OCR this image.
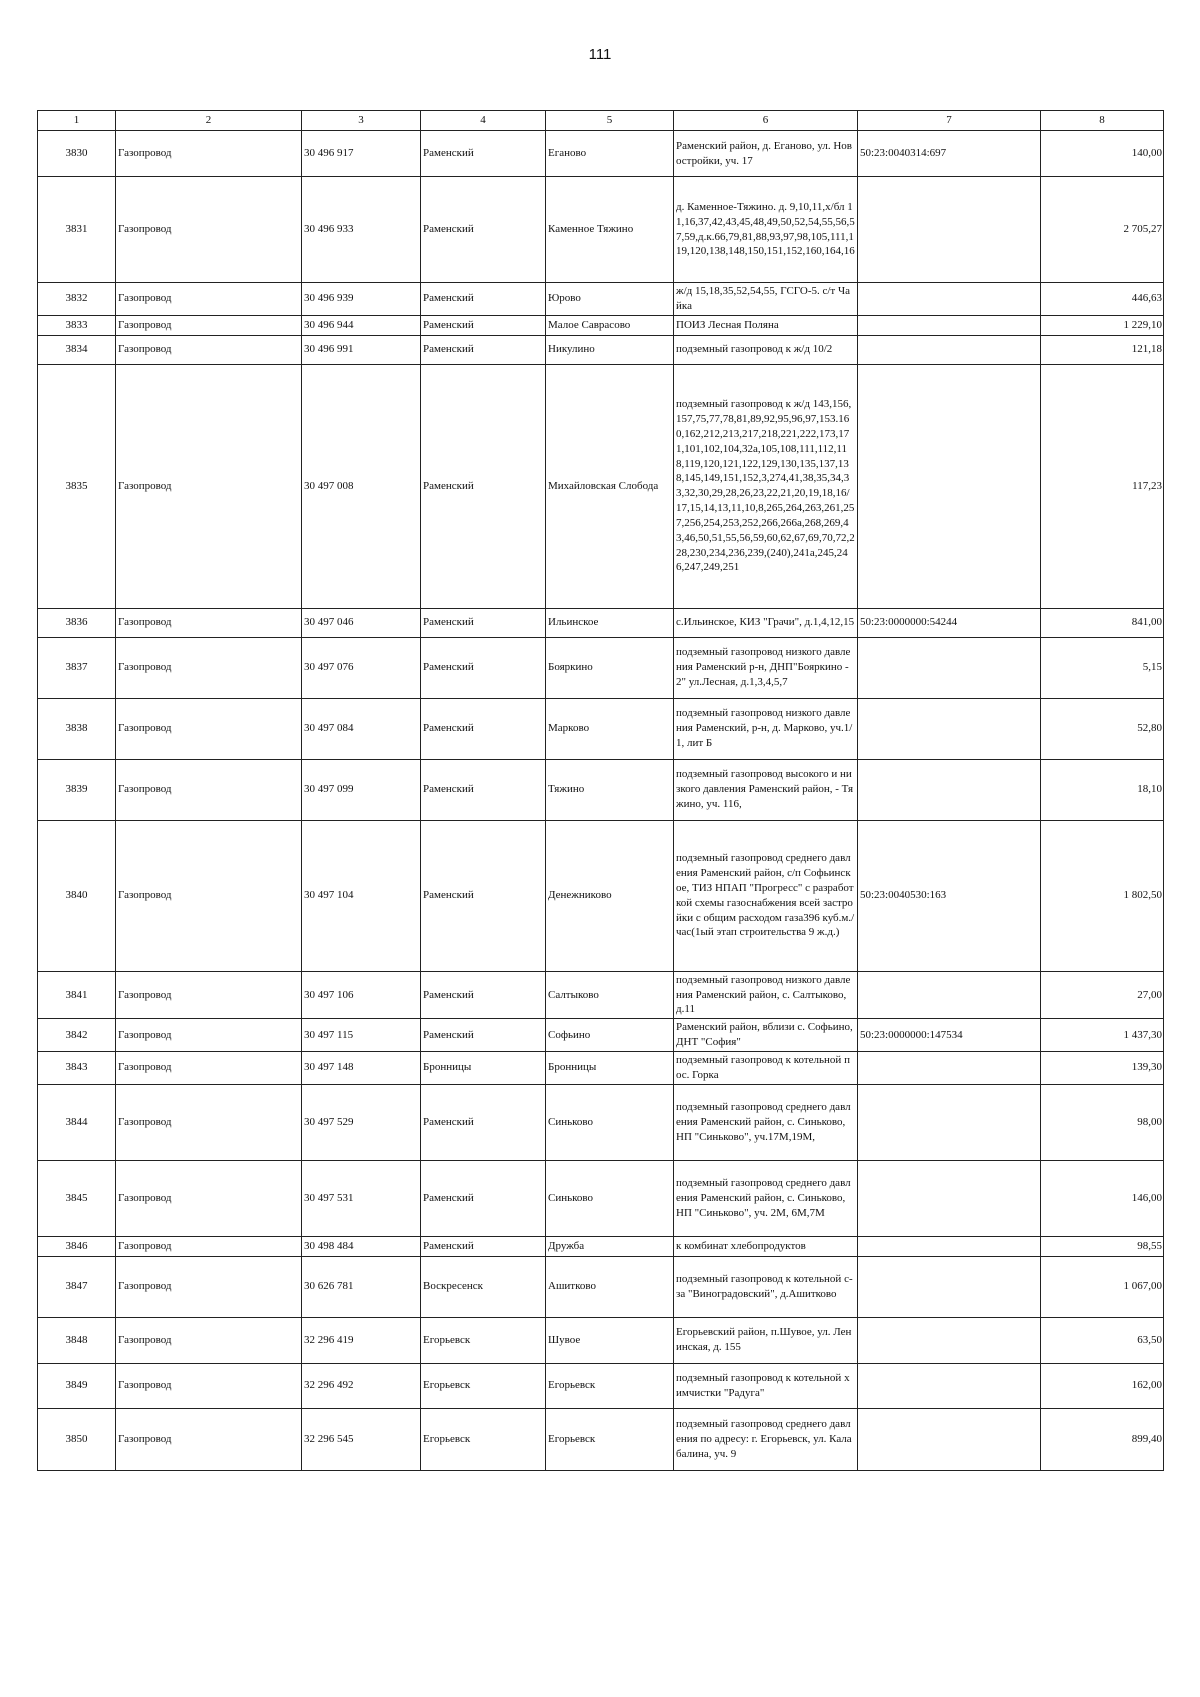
111
1	2	3	4	5	6	7	8
3830	Газопровод	30 496 917	Раменский	Еганово	Раменский район, д. Еганово, ул. Новостройки, уч. 17	50:23:0040314:697	140,00
3831	Газопровод	30 496 933	Раменский	Каменное Тяжино	д. Каменное-Тяжино. д. 9,10,11,х/бл 11,16,37,42,43,45,48,49,50,52,54,55,56,57,59,д.к.66,79,81,88,93,97,98,105,111,119,120,138,148,150,151,152,160,164,16		2 705,27
3832	Газопровод	30 496 939	Раменский	Юрово	ж/д 15,18,35,52,54,55, ГСГО-5. с/т Чайка		446,63
3833	Газопровод	30 496 944	Раменский	Малое Саврасово	ПОИЗ Лесная Поляна		1 229,10
3834	Газопровод	30 496 991	Раменский	Никулино	подземный газопровод к ж/д 10/2		121,18
3835	Газопровод	30 497 008	Раменский	Михайловская Слобода	подземный газопровод к ж/д 143,156,157,75,77,78,81,89,92,95,96,97,153.160,162,212,213,217,218,221,222,173,171,101,102,104,32а,105,108,111,112,118,119,120,121,122,129,130,135,137,138,145,149,151,152,3,274,41,38,35,34,33,32,30,29,28,26,23,22,21,20,19,18,16/17,15,14,13,11,10,8,265,264,263,261,257,256,254,253,252,266,266а,268,269,43,46,50,51,55,56,59,60,62,67,69,70,72,228,230,234,236,239,(240),241а,245,246,247,249,251		117,23
3836	Газопровод	30 497 046	Раменский	Ильинское	с.Ильинское, КИЗ "Грачи", д.1,4,12,15	50:23:0000000:54244	841,00
3837	Газопровод	30 497 076	Раменский	Бояркино	подземный газопровод низкого давления Раменский р-н, ДНП"Бояркино -2" ул.Лесная, д.1,3,4,5,7		5,15
3838	Газопровод	30 497 084	Раменский	Марково	подземный газопровод низкого давления Раменский, р-н, д. Марково, уч.1/1, лит Б		52,80
3839	Газопровод	30 497 099	Раменский	Тяжино	подземный газопровод высокого и низкого давления Раменский район, - Тяжино, уч. 116,		18,10
3840	Газопровод	30 497 104	Раменский	Денежниково	подземный газопровод среднего давления Раменский район, с/п Софьинское, ТИЗ НПАП "Прогресс" с разработкой схемы газоснабжения всей застройки с общим расходом газа396 куб.м./час(1ый этап строительства 9 ж.д.)	50:23:0040530:163	1 802,50
3841	Газопровод	30 497 106	Раменский	Салтыково	подземный газопровод низкого давления Раменский район, с. Салтыково, д.11		27,00
3842	Газопровод	30 497 115	Раменский	Софьино	Раменский район, вблизи с. Софьино, ДНТ "София"	50:23:0000000:147534	1 437,30
3843	Газопровод	30 497 148	Бронницы	Бронницы	подземный газопровод к котельной пос. Горка		139,30
3844	Газопровод	30 497 529	Раменский	Синьково	подземный газопровод среднего давления Раменский район, с. Синьково, НП "Синьково", уч.17М,19М,		98,00
3845	Газопровод	30 497 531	Раменский	Синьково	подземный газопровод среднего давления Раменский район, с. Синьково, НП "Синьково", уч. 2М, 6М,7М		146,00
3846	Газопровод	30 498 484	Раменский	Дружба	к комбинат хлебопродуктов		98,55
3847	Газопровод	30 626 781	Воскресенск	Ашитково	подземный газопровод к котельной с-за "Виноградовский", д.Ашитково		1 067,00
3848	Газопровод	32 296 419	Егорьевск	Шувое	Егорьевский район, п.Шувое, ул. Ленинская, д. 155		63,50
3849	Газопровод	32 296 492	Егорьевск	Егорьевск	подземный газопровод к котельной химчистки "Радуга"		162,00
3850	Газопровод	32 296 545	Егорьевск	Егорьевск	подземный газопровод среднего давления по адресу: г. Егорьевск, ул. Калабалина, уч. 9		899,40
